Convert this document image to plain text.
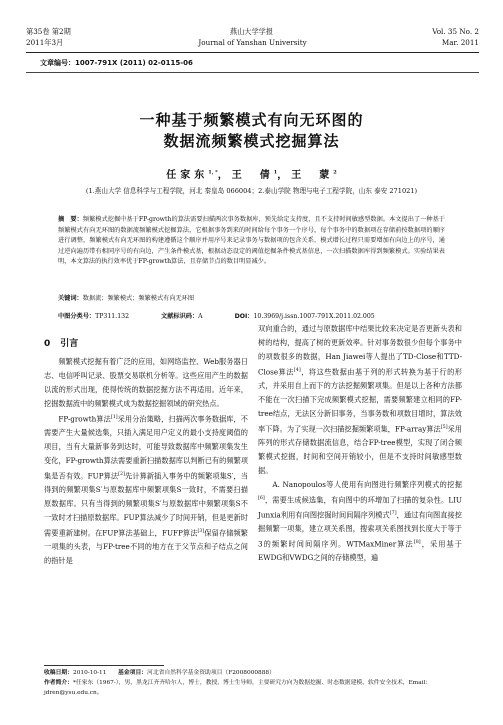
第35卷 第2期	燕山大学学报	Vol. 35 No. 2
2011年3月	Journal of Yanshan University	Mar. 2011
文章编号：1007-791X (2011) 02-0115-06
一种基于频繁模式有向无环图的
数据流频繁模式挖掘算法
任家东$^{1, *}$，王　倩$^1$，王　蒙$^2$
(1.燕山大学 信息科学与工程学院，河北 秦皇岛 066004；2.泰山学院 物理与电子工程学院，山东 泰安 271021)
摘　要：频繁模式挖掘中基于FP-growth的算法需要扫描两次事务数据库，预先给定支持度，且不支持时间敏感型数据。本文提出了一种基于频繁模式有向无环图的数据流频繁模式挖掘算法，它根据事务到来的时间给每个事务一个序号，每个事务中的数据项在存储前按数据项的顺序进行调整，频繁模式有向无环图的构建遵循这个顺序并用序号来记录事务与数据项的包含关系，模式增长过程只需要增加有向边上的序号，通过逆向遍历带有相同序号的有向边，产生条件模式基，根据动态设定的阈值挖掘条件模式基信息，一次扫描数据库得到频繁模式。实验结果表明，本文算法的执行效率优于FP-growth算法，且存储节点的数目明显减少。
关键词：数据流；频繁模式；频繁模式有向无环图
中图分类号：TP311.132	文献标识码：A	DOI：10.3969/j.issn.1007-791X.2011.02.005
0 引言

频繁模式挖掘有着广泛的应用，如网络监控、Web服务器日志、电信呼叫记录、股票交易联机分析等。这些应用产生的数据以流的形式出现，使得传统的数据挖掘方法不再适用。近年来，挖掘数据流中的频繁模式成为数据挖掘领域的研究热点。

FP-growth算法[1]采用分治策略，扫描两次事务数据库，不需要产生大量候选集，只插入满足用户定义的最小支持度阈值的项目，当有大量新事务到达时，可能导致数据库中频繁项集发生变化，FP-growth算法需要重新扫描数据库以判断已有的频繁项集是否有效。FUP算法[2]先计算新插入事务中的频繁项集S′，当得到的频繁项集S′与原数据库中频繁项集S一致时，不需要扫描原数据库。只有当得到的频繁项集S′与原数据库中频繁项集S不一致时才扫描原数据库。FUP算法减少了时间开销，但是更新时需要重新建树。在FUP算法基础上，FUFP算法[3]保留存储频繁一项集的头表，与FP-tree不同的地方在于父节点和子结点之间的指针是

双向重合的，通过与原数据库中结果比较来决定是否更新头表和树的结构，提高了树的更新效率。针对事务数很少但每个事务中的项数很多的数据，Han Jiawei等人提出了TD-Close和TTD-Close算法[4]，将这些数据由基于列的形式转换为基于行的形式，并采用自上而下的方法挖掘频繁项集。但是以上各种方法都不能在一次扫描下完成频繁模式挖掘，需要频繁建立相同的FP-tree结点，无法区分新旧事务，当事务数和项数目增时，算法效率下降。为了实现一次扫描挖掘频繁项集，FP-array算法[5]采用阵列的形式存储数据流信息，结合FP-tree模型，实现了闭合频繁模式挖掘，时间和空间开销较小，但是不支持时间敏感型数据。

A. Nanopoulos等人使用有向图进行频繁序列模式的挖掘[6]，需要生成候选集，有向图中的环增加了扫描的复杂性。LIU Junxia利用有向图挖掘时间间隔序列模式[7]，通过有向图直接挖掘频繁一项集，建立项关系图，搜索项关系图找到长度大于等于3的频繁时间间隔序列。WTMaxMiner算法[8]，采用基于EWDG和VWDG之间的存储模型，遍

收稿日期：2010-10-11　　 基金项目：河北省自然科学基金资助项目（F2008000888）
作者简介：*任家东（1967-），男，黑龙江齐齐哈尔人，博士，教授，博士生导师，主要研究方向为数据挖掘、时态数据建模、软件安全技术，Email：jdren@ysu.edu.cn。
